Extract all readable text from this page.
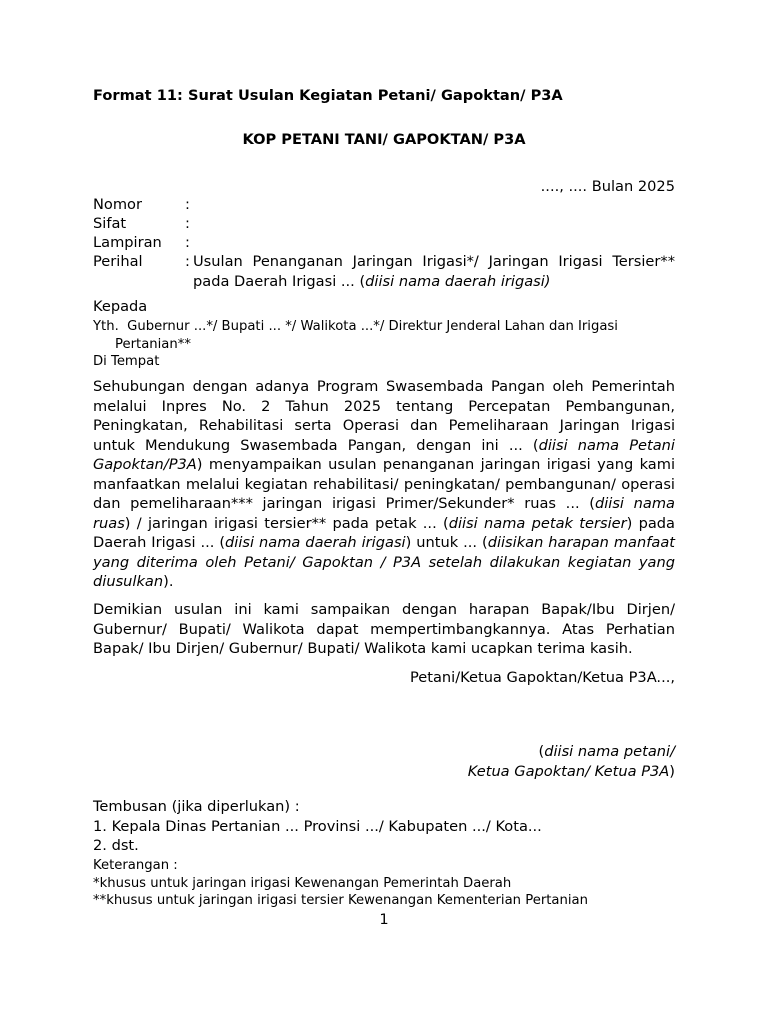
Format 11: Surat Usulan Kegiatan Petani/ Gapoktan/ P3A
KOP PETANI TANI/ GAPOKTAN/ P3A
...., .... Bulan 2025
Nomor	:
Sifat	:
Lampiran :
Perihal	: Usulan Penanganan Jaringan Irigasi*/ Jaringan Irigasi Tersier** pada Daerah Irigasi ... (diisi nama daerah irigasi)
Kepada
Yth. Gubernur ...*/ Bupati ... */ Walikota ...*/ Direktur Jenderal Lahan dan Irigasi
Pertanian**
Di Tempat
Sehubungan dengan adanya Program Swasembada Pangan oleh Pemerintah melalui Inpres No. 2 Tahun 2025 tentang Percepatan Pembangunan, Peningkatan, Rehabilitasi serta Operasi dan Pemeliharaan Jaringan Irigasi untuk Mendukung Swasembada Pangan, dengan ini ... (diisi nama Petani Gapoktan/P3A) menyampaikan usulan penanganan jaringan irigasi yang kami manfaatkan melalui kegiatan rehabilitasi/ peningkatan/ pembangunan/ operasi dan pemeliharaan*** jaringan irigasi Primer/Sekunder* ruas ... (diisi nama ruas) / jaringan irigasi tersier** pada petak ... (diisi nama petak tersier) pada Daerah Irigasi ... (diisi nama daerah irigasi) untuk ... (diisikan harapan manfaat yang diterima oleh Petani/ Gapoktan / P3A setelah dilakukan kegiatan yang diusulkan).
Demikian usulan ini kami sampaikan dengan harapan Bapak/Ibu Dirjen/ Gubernur/ Bupati/ Walikota dapat mempertimbangkannya. Atas Perhatian Bapak/ Ibu Dirjen/ Gubernur/ Bupati/ Walikota kami ucapkan terima kasih.
Petani/Ketua Gapoktan/Ketua P3A...,
(diisi nama petani/
Ketua Gapoktan/ Ketua P3A)
Tembusan (jika diperlukan) :
1. Kepala Dinas Pertanian ... Provinsi .../ Kabupaten .../ Kota...
2. dst.
Keterangan :
*khusus untuk jaringan irigasi Kewenangan Pemerintah Daerah
**khusus untuk jaringan irigasi tersier Kewenangan Kementerian Pertanian
1
